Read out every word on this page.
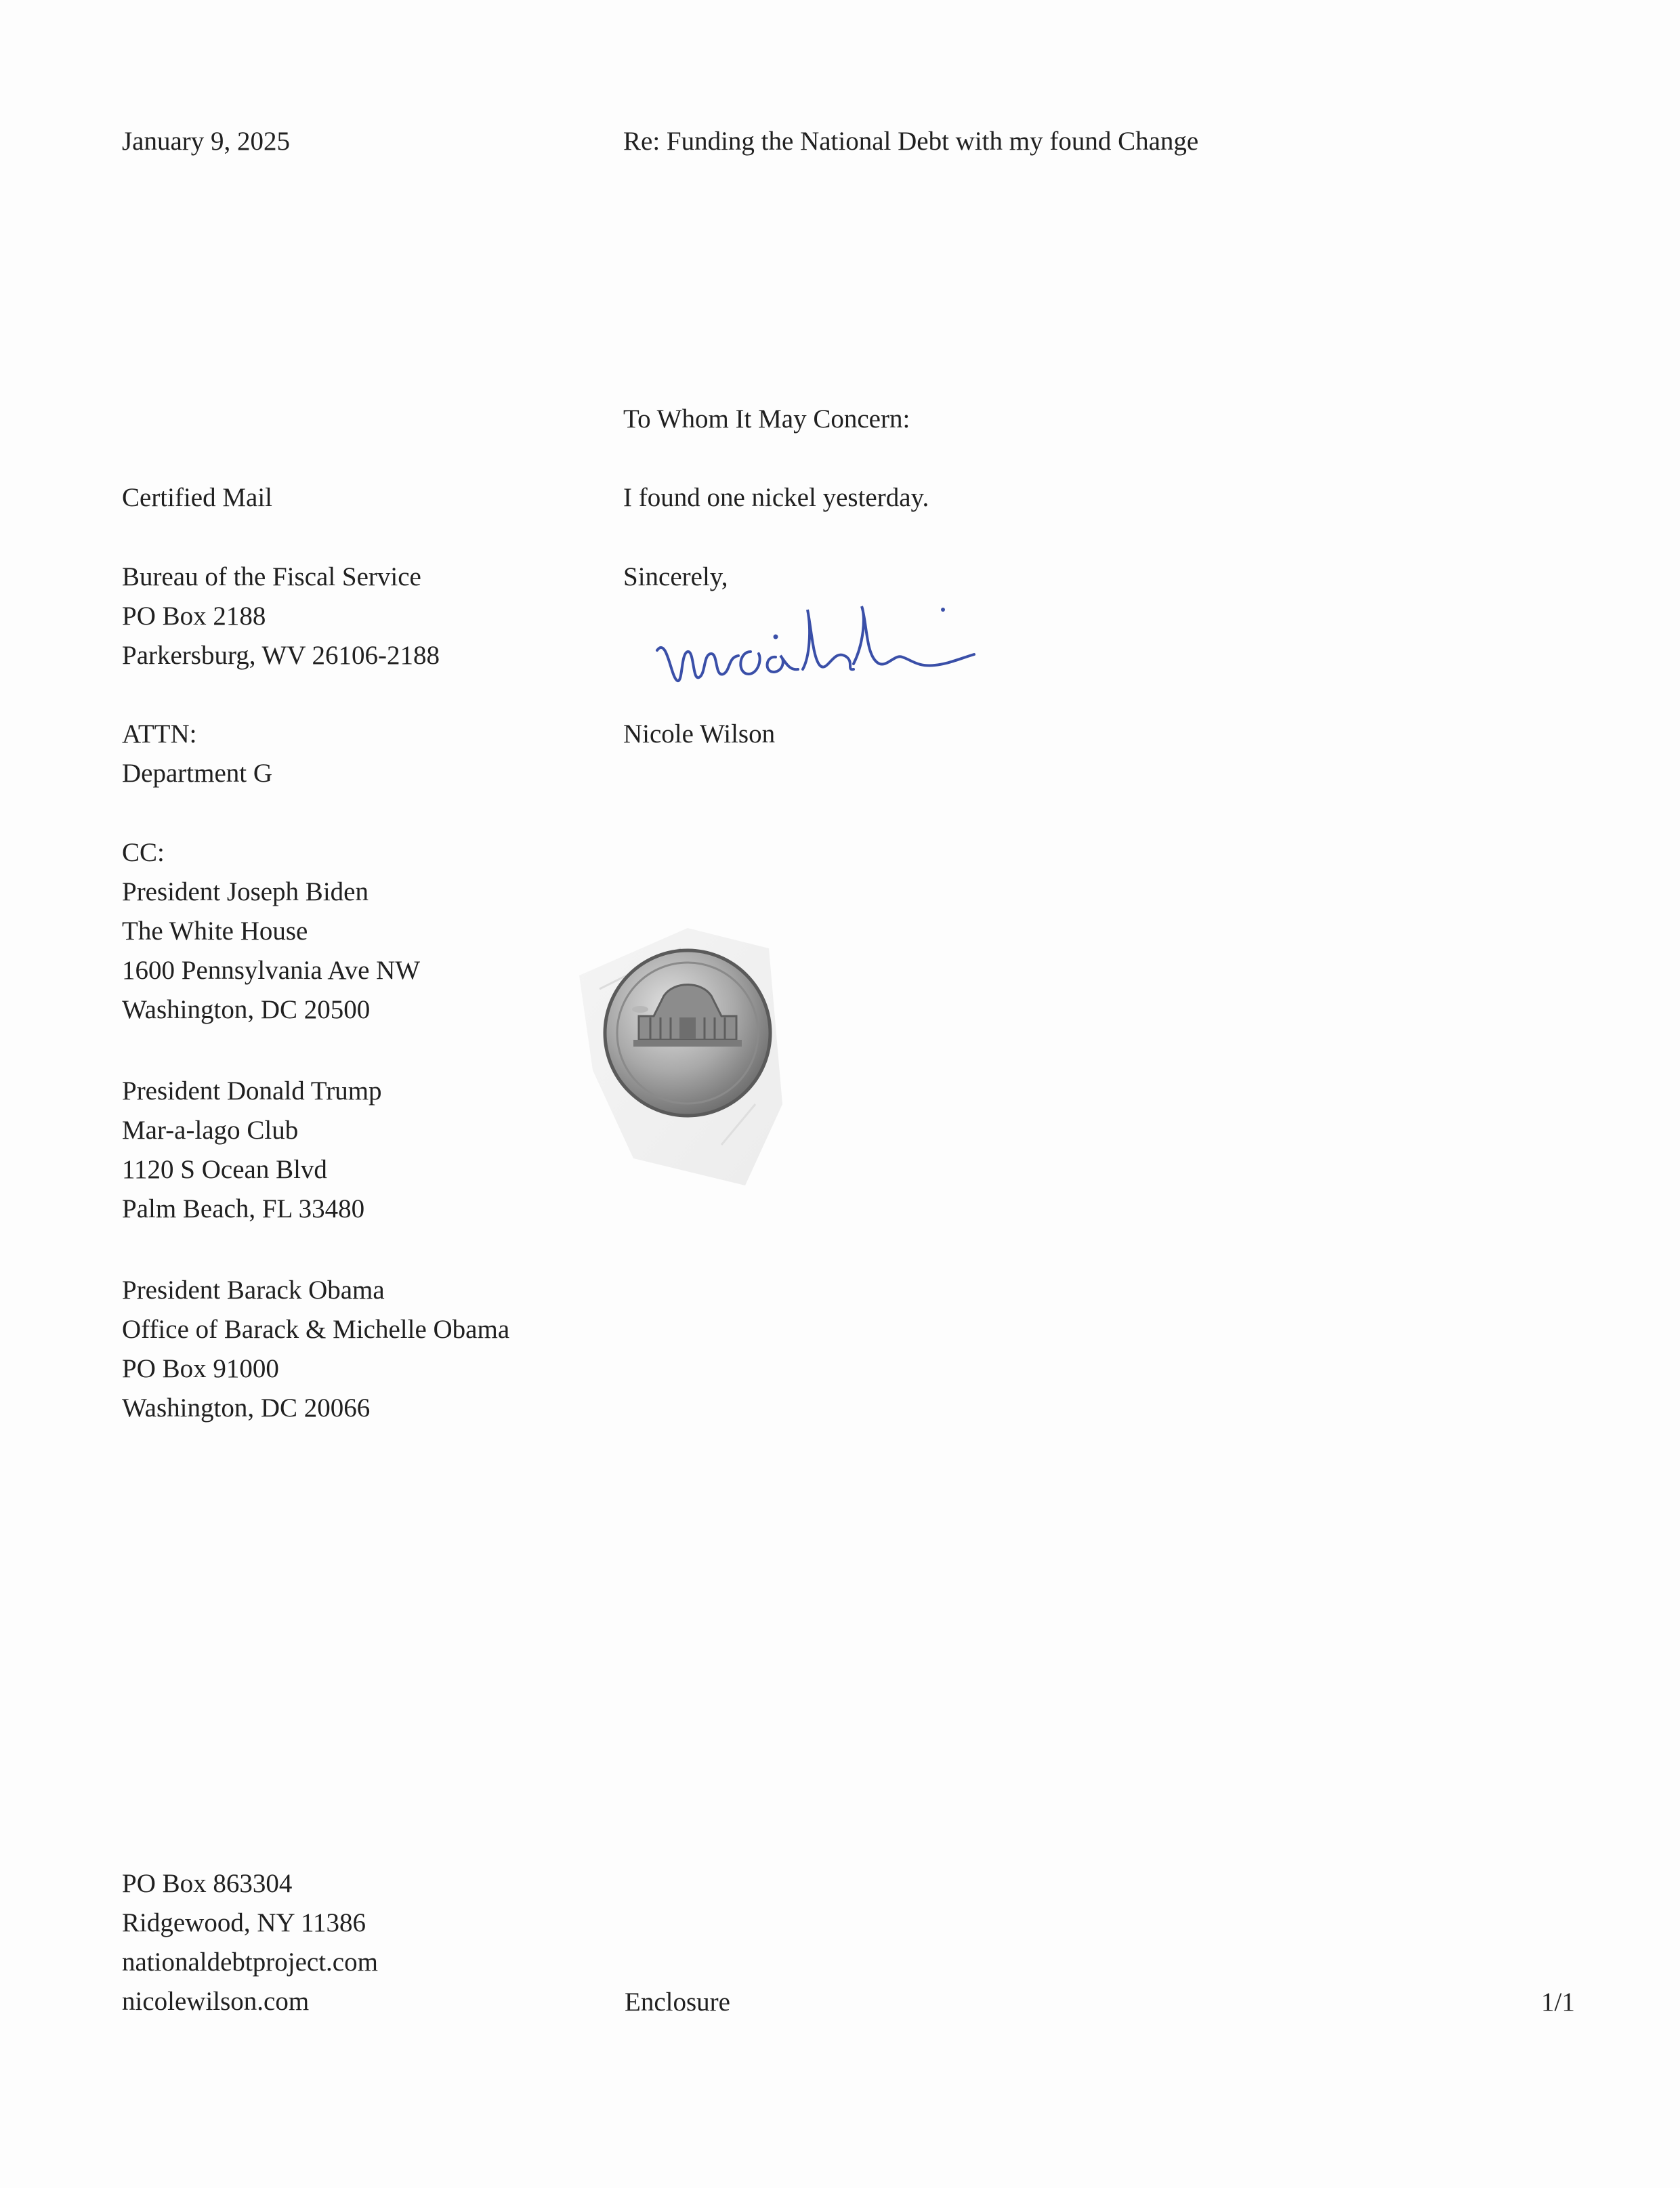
January 9, 2025	Re: Funding the National Debt with my found Change
To Whom It May Concern:
Certified Mail	I found one nickel yesterday.
Bureau of the Fiscal Service
PO Box 2188
Parkersburg, WV 26106-2188
Sincerely,
ATTN:
Department G
Nicole Wilson
CC:
President Joseph Biden
The White House
1600 Pennsylvania Ave NW
Washington, DC 20500
President Donald Trump
Mar-a-lago Club
1120 S Ocean Blvd
Palm Beach, FL 33480
President Barack Obama
Office of Barack & Michelle Obama
PO Box 91000
Washington, DC 20066
PO Box 863304
Ridgewood, NY 11386
nationaldebtproject.com
nicolewilson.com	Enclosure	1/1
